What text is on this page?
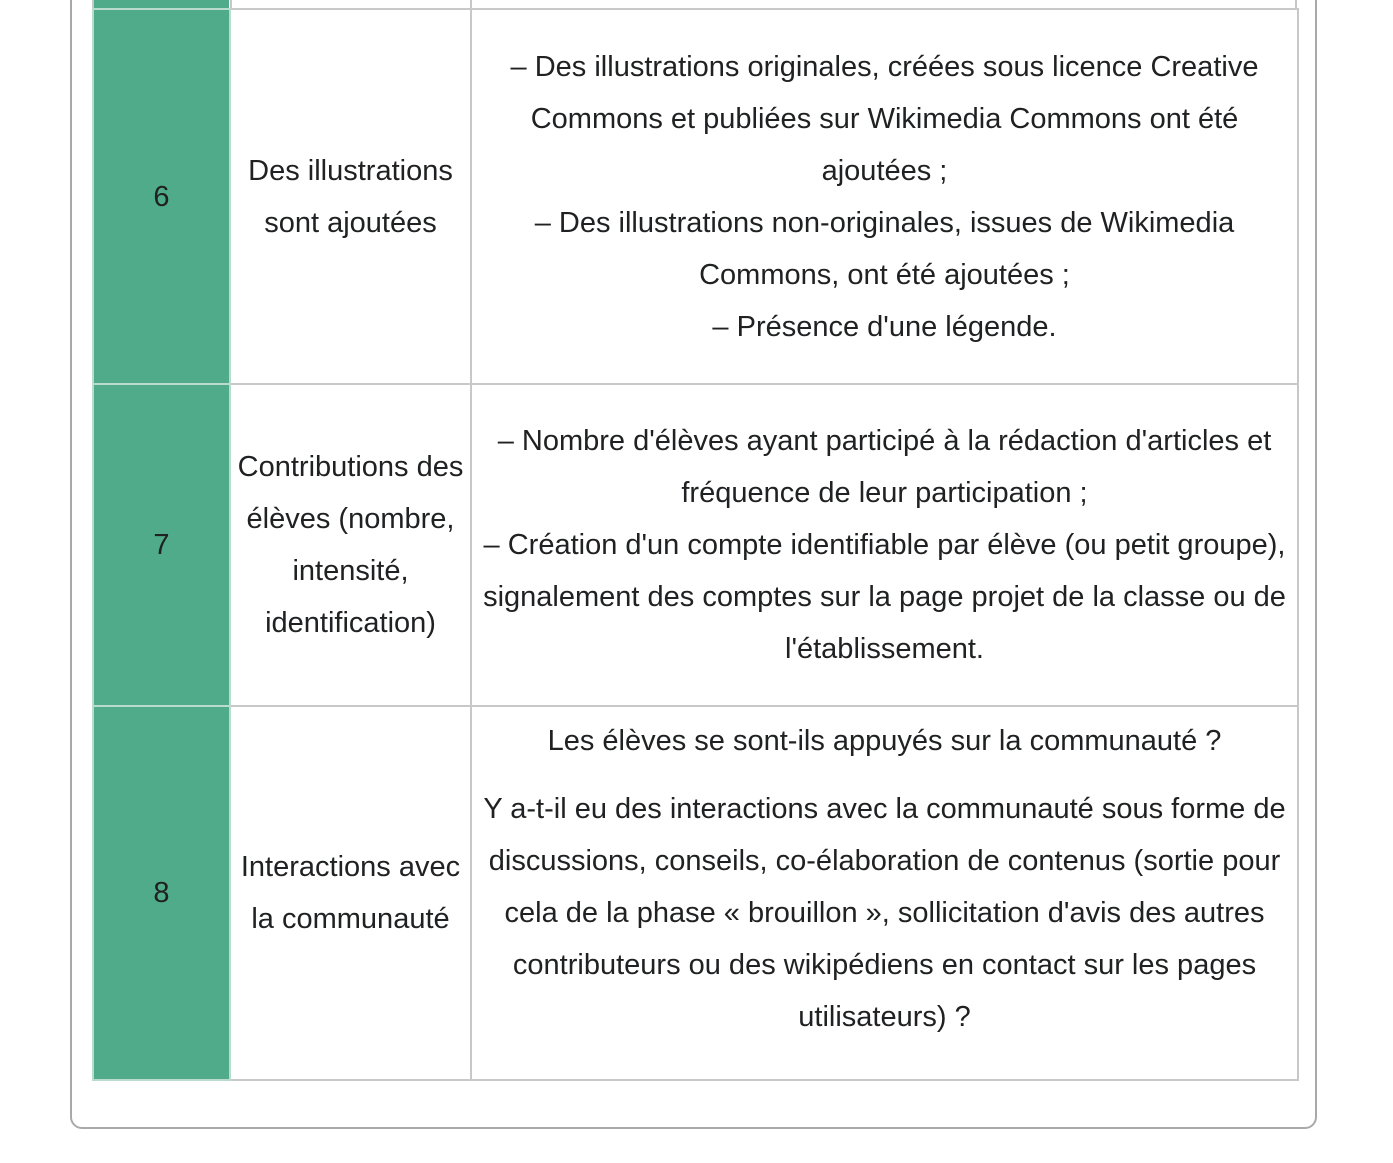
6	Des illustrations sont ajoutées	– Des illustrations originales, créées sous licence Creative Commons et publiées sur Wikimedia Commons ont été ajoutées ;
– Des illustrations non-originales, issues de Wikimedia Commons, ont été ajoutées ;
– Présence d'une légende.

7	Contributions des élèves (nombre, intensité, identification)	– Nombre d'élèves ayant participé à la rédaction d'articles et fréquence de leur participation ;
– Création d'un compte identifiable par élève (ou petit groupe), signalement des comptes sur la page projet de la classe ou de l'établissement.

8	Interactions avec la communauté	Les élèves se sont-ils appuyés sur la communauté ?

Y a-t-il eu des interactions avec la communauté sous forme de discussions, conseils, co-élaboration de contenus (sortie pour cela de la phase « brouillon », sollicitation d'avis des autres contributeurs ou des wikipédiens en contact sur les pages utilisateurs) ?
